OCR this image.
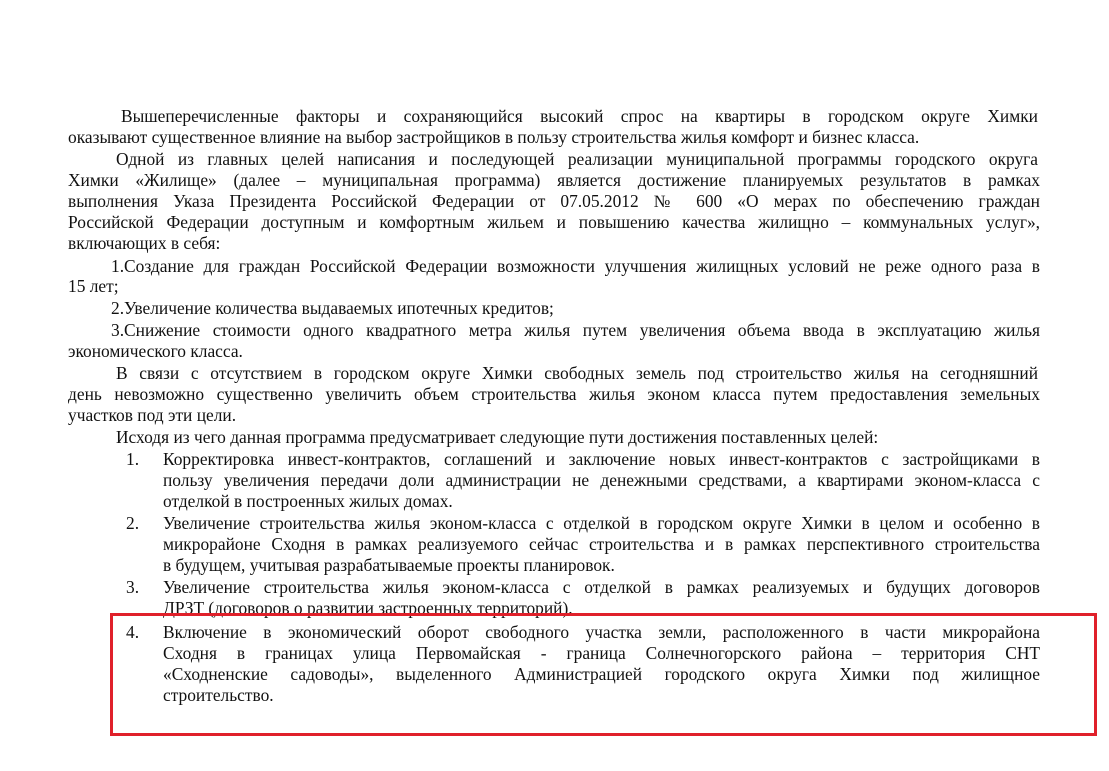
Вышеперечисленные факторы и сохраняющийся высокий спрос на квартиры в городском округе Химки
оказывают существенное влияние на выбор застройщиков в пользу строительства жилья комфорт и бизнес класса.
Одной из главных целей написания и последующей реализации муниципальной программы городского округа
Химки «Жилище» (далее – муниципальная программа) является достижение планируемых результатов в рамках
выполнения Указа Президента Российской Федерации от 07.05.2012 № 600 «О мерах по обеспечению граждан
Российской Федерации доступным и комфортным жильем и повышению качества жилищно – коммунальных услуг»,
включающих в себя:
1.Создание для граждан Российской Федерации возможности улучшения жилищных условий не реже одного раза в
15 лет;
2.Увеличение количества выдаваемых ипотечных кредитов;
3.Снижение стоимости одного квадратного метра жилья путем увеличения объема ввода в эксплуатацию жилья
экономического класса.
В связи с отсутствием в городском округе Химки свободных земель под строительство жилья на сегодняшний
день невозможно существенно увеличить объем строительства жилья эконом класса путем предоставления земельных
участков под эти цели.
Исходя из чего данная программа предусматривает следующие пути достижения поставленных целей:
1. Корректировка инвест-контрактов, соглашений и заключение новых инвест-контрактов с застройщиками в
пользу увеличения передачи доли администрации не денежными средствами, а квартирами эконом-класса с
отделкой в построенных жилых домах.
2. Увеличение строительства жилья эконом-класса с отделкой в городском округе Химки в целом и особенно в
микрорайоне Сходня в рамках реализуемого сейчас строительства и в рамках перспективного строительства
в будущем, учитывая разрабатываемые проекты планировок.
3. Увеличение строительства жилья эконом-класса с отделкой в рамках реализуемых и будущих договоров
ДРЗТ (договоров о развитии застроенных территорий).
4. Включение в экономический оборот свободного участка земли, расположенного в части микрорайона
Сходня в границах улица Первомайская - граница Солнечногорского района – территория СНТ
«Сходненские садоводы», выделенного Администрацией городского округа Химки под жилищное
строительство.
